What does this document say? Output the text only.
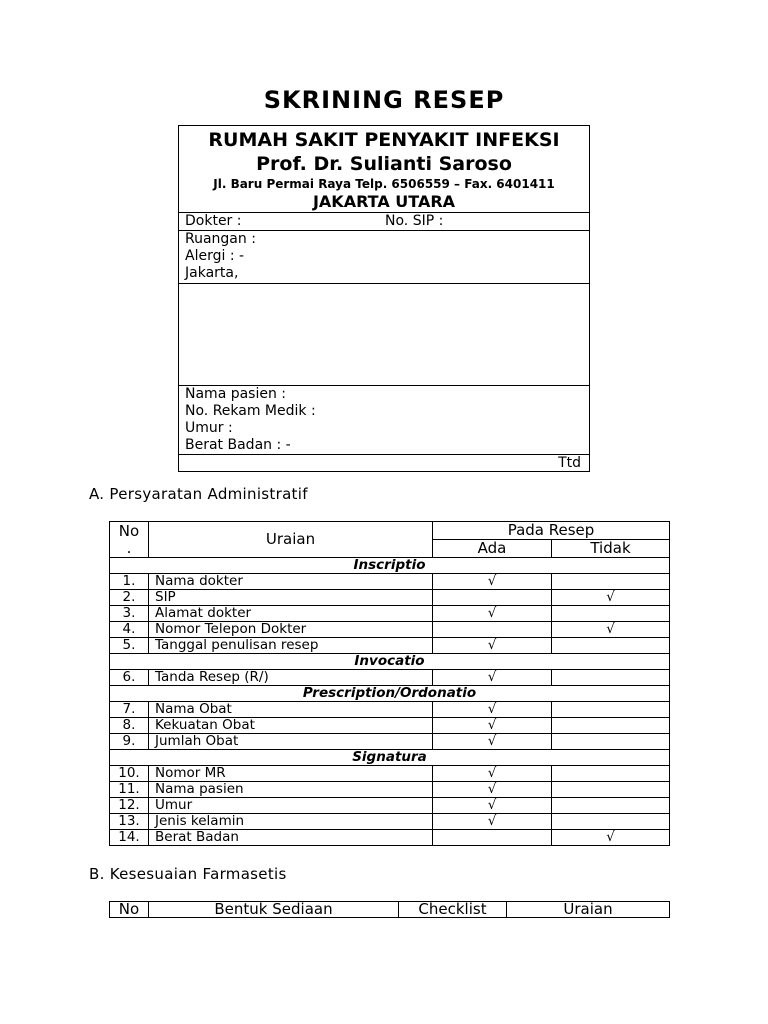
SKRINING RESEP
RUMAH SAKIT PENYAKIT INFEKSI
Prof. Dr. Sulianti Saroso
Jl. Baru Permai Raya Telp. 6506559 – Fax. 6401411
JAKARTA UTARA
Dokter :	No. SIP :
Ruangan :
Alergi : -
Jakarta,
Nama pasien :
No. Rekam Medik :
Umur :
Berat Badan : -
Ttd
A. Persyaratan Administratif
No
.	Uraian	Pada Resep	
		Ada	Tidak
Inscriptio			
1.	Nama dokter	√	
2.	SIP		√
3.	Alamat dokter	√	
4.	Nomor Telepon Dokter		√
5.	Tanggal penulisan resep	√	
Invocatio			
6.	Tanda Resep (R/)	√	
Prescription/Ordonatio			
7.	Nama Obat	√	
8.	Kekuatan Obat	√	
9.	Jumlah Obat	√	
Signatura			
10.	Nomor MR	√	
11.	Nama pasien	√	
12.	Umur	√	
13.	Jenis kelamin	√	
14.	Berat Badan		√
B. Kesesuaian Farmasetis
No	Bentuk Sediaan	Checklist	Uraian
